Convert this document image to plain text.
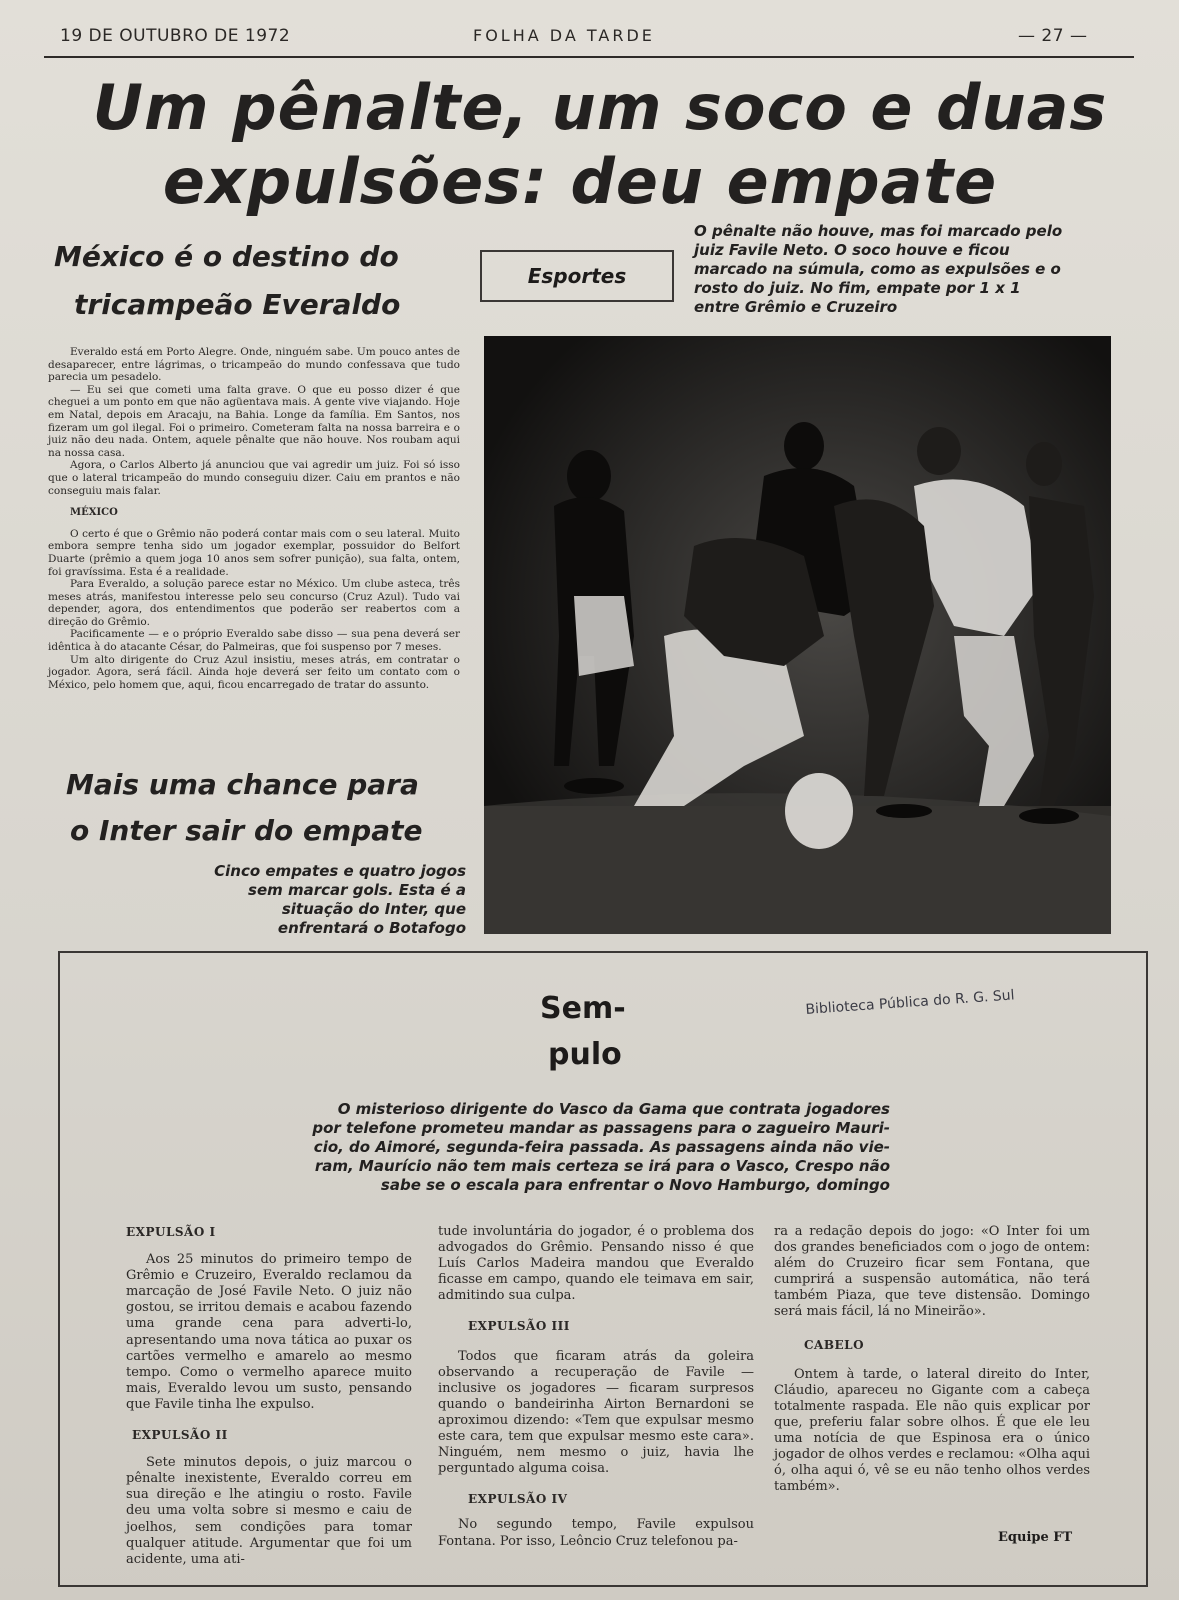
19 DE OUTUBRO DE 1972	FOLHA DA TARDE	— 27 —
Um pênalte, um soco e duas
expulsões: deu empate
México é o destino do
tricampeão Everaldo
Esportes
O pênalte não houve, mas foi marcado pelo
juiz Favile Neto. O soco houve e ficou
marcado na súmula, como as expulsões e o
rosto do juiz. No fim, empate por 1 x 1
entre Grêmio e Cruzeiro

Everaldo está em Porto Alegre. Onde, ninguém sabe. Um pouco antes de desaparecer, entre lágrimas, o tricampeão do mundo confessava que tudo parecia um pesadelo.

— Eu sei que cometi uma falta grave. O que eu posso dizer é que cheguei a um ponto em que não agüentava mais. A gente vive viajando. Hoje em Natal, depois em Aracaju, na Bahia. Longe da família. Em Santos, nos fizeram um gol ilegal. Foi o primeiro. Cometeram falta na nossa barreira e o juiz não deu nada. Ontem, aquele pênalte que não houve. Nos roubam aqui na nossa casa.

Agora, o Carlos Alberto já anunciou que vai agredir um juiz. Foi só isso que o lateral tricampeão do mundo conseguiu dizer. Caiu em prantos e não conseguiu mais falar.

MÉXICO

O certo é que o Grêmio não poderá contar mais com o seu lateral. Muito embora sempre tenha sido um jogador exemplar, possuidor do Belfort Duarte (prêmio a quem joga 10 anos sem sofrer punição), sua falta, ontem, foi gravíssima. Esta é a realidade.

Para Everaldo, a solução parece estar no México. Um clube asteca, três meses atrás, manifestou interesse pelo seu concurso (Cruz Azul). Tudo vai depender, agora, dos entendimentos que poderão ser reabertos com a direção do Grêmio.

Pacificamente — e o próprio Everaldo sabe disso — sua pena deverá ser idêntica à do atacante César, do Palmeiras, que foi suspenso por 7 meses.

Um alto dirigente do Cruz Azul insistiu, meses atrás, em contratar o jogador. Agora, será fácil. Ainda hoje deverá ser feito um contato com o México, pelo homem que, aqui, ficou encarregado de tratar do assunto.

Mais uma chance para
o Inter sair do empate
Cinco empates e quatro jogos
sem marcar gols. Esta é a
situação do Inter, que
enfrentará o Botafogo
Sem-
pulo
Biblioteca Pública do R. G. Sul
O misterioso dirigente do Vasco da Gama que contrata jogadores
por telefone prometeu mandar as passagens para o zagueiro Mauri-
cio, do Aimoré, segunda-feira passada. As passagens ainda não vie-
ram, Maurício não tem mais certeza se irá para o Vasco, Crespo não
sabe se o escala para enfrentar o Novo Hamburgo, domingo

EXPULSÃO I

Aos 25 minutos do primeiro tempo de Grêmio e Cruzeiro, Everaldo reclamou da marcação de José Favile Neto. O juiz não gostou, se irritou demais e acabou fazendo uma grande cena para adverti-lo, apresentando uma nova tática ao puxar os cartões vermelho e amarelo ao mesmo tempo. Como o vermelho aparece muito mais, Everaldo levou um susto, pensando que Favile tinha lhe expulso.

EXPULSÃO II

Sete minutos depois, o juiz marcou o pênalte inexistente, Everaldo correu em sua direção e lhe atingiu o rosto. Favile deu uma volta sobre si mesmo e caiu de joelhos, sem condições para tomar qualquer atitude. Argumentar que foi um acidente, uma ati-

tude involuntária do jogador, é o problema dos advogados do Grêmio. Pensando nisso é que Luís Carlos Madeira mandou que Everaldo ficasse em campo, quando ele teimava em sair, admitindo sua culpa.

EXPULSÃO III

Todos que ficaram atrás da goleira observando a recuperação de Favile — inclusive os jogadores — ficaram surpresos quando o bandeirinha Airton Bernardoni se aproximou dizendo: «Tem que expulsar mesmo este cara, tem que expulsar mesmo este cara». Ninguém, nem mesmo o juiz, havia lhe perguntado alguma coisa.

EXPULSÃO IV

No segundo tempo, Favile expulsou Fontana. Por isso, Leôncio Cruz telefonou pa-

ra a redação depois do jogo: «O Inter foi um dos grandes beneficiados com o jogo de ontem: além do Cruzeiro ficar sem Fontana, que cumprirá a suspensão automática, não terá também Piaza, que teve distensão. Domingo será mais fácil, lá no Mineirão».

CABELO

Ontem à tarde, o lateral direito do Inter, Cláudio, apareceu no Gigante com a cabeça totalmente raspada. Ele não quis explicar por que, preferiu falar sobre olhos. É que ele leu uma notícia de que Espinosa era o único jogador de olhos verdes e reclamou: «Olha aqui ó, olha aqui ó, vê se eu não tenho olhos verdes também».

Equipe FT
